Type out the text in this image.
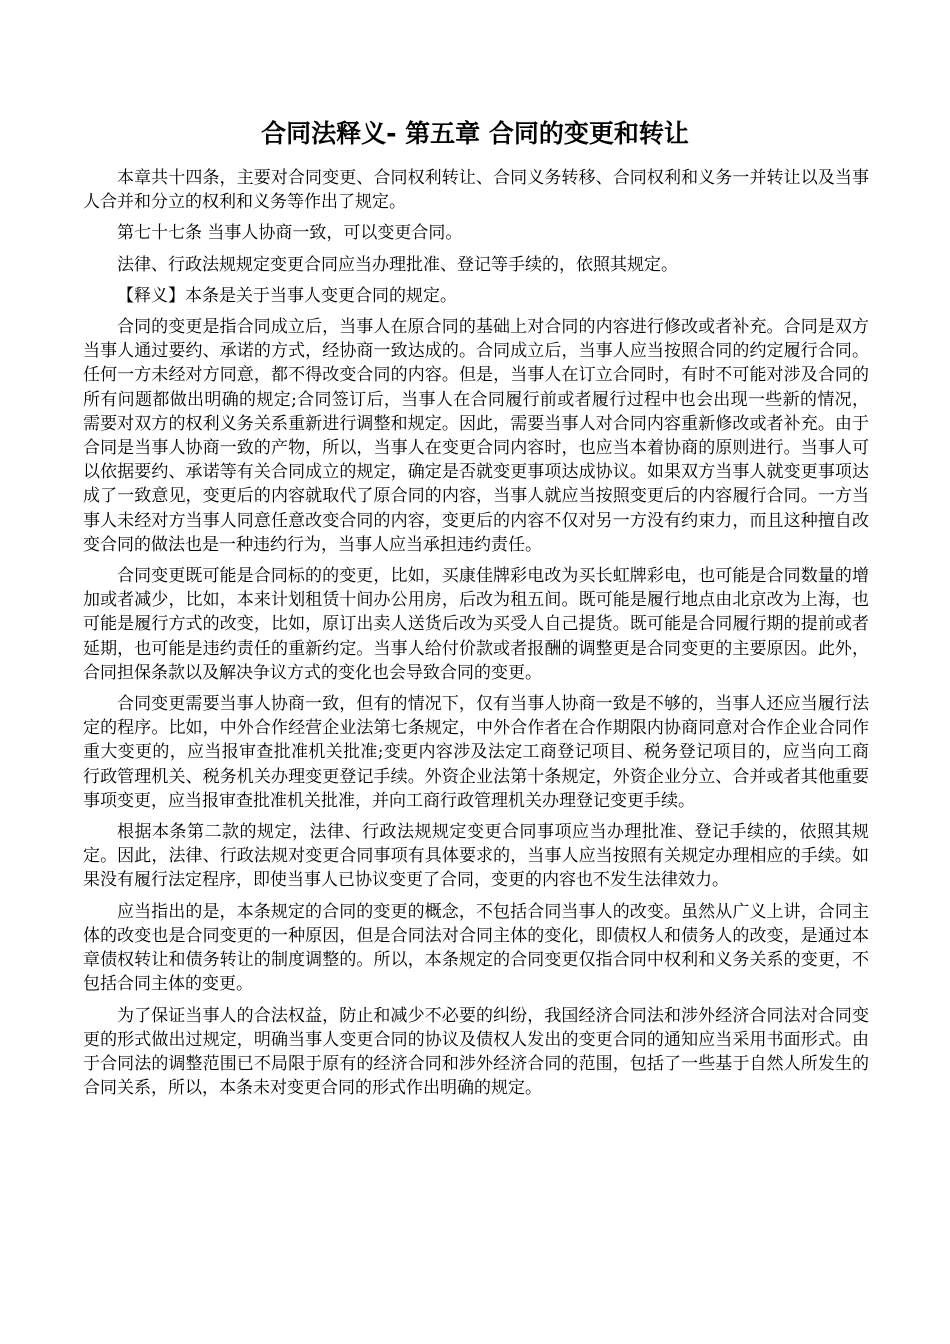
合同法释义- 第五章 合同的变更和转让

本章共十四条，主要对合同变更、合同权利转让、合同义务转移、合同权利和义务一并转让以及当事人合并和分立的权利和义务等作出了规定。

第七十七条 当事人协商一致，可以变更合同。

法律、行政法规规定变更合同应当办理批准、登记等手续的，依照其规定。

【释义】本条是关于当事人变更合同的规定。

合同的变更是指合同成立后，当事人在原合同的基础上对合同的内容进行修改或者补充。合同是双方当事人通过要约、承诺的方式，经协商一致达成的。合同成立后，当事人应当按照合同的约定履行合同。任何一方未经对方同意，都不得改变合同的内容。但是，当事人在订立合同时，有时不可能对涉及合同的所有问题都做出明确的规定;合同签订后，当事人在合同履行前或者履行过程中也会出现一些新的情况，需要对双方的权利义务关系重新进行调整和规定。因此，需要当事人对合同内容重新修改或者补充。由于合同是当事人协商一致的产物，所以，当事人在变更合同内容时，也应当本着协商的原则进行。当事人可以依据要约、承诺等有关合同成立的规定，确定是否就变更事项达成协议。如果双方当事人就变更事项达成了一致意见，变更后的内容就取代了原合同的内容，当事人就应当按照变更后的内容履行合同。一方当事人未经对方当事人同意任意改变合同的内容，变更后的内容不仅对另一方没有约束力，而且这种擅自改变合同的做法也是一种违约行为，当事人应当承担违约责任。

合同变更既可能是合同标的的变更，比如，买康佳牌彩电改为买长虹牌彩电，也可能是合同数量的增加或者减少，比如，本来计划租赁十间办公用房，后改为租五间。既可能是履行地点由北京改为上海，也可能是履行方式的改变，比如，原订出卖人送货后改为买受人自己提货。既可能是合同履行期的提前或者延期，也可能是违约责任的重新约定。当事人给付价款或者报酬的调整更是合同变更的主要原因。此外，合同担保条款以及解决争议方式的变化也会导致合同的变更。

合同变更需要当事人协商一致，但有的情况下，仅有当事人协商一致是不够的，当事人还应当履行法定的程序。比如，中外合作经营企业法第七条规定，中外合作者在合作期限内协商同意对合作企业合同作重大变更的，应当报审查批准机关批准;变更内容涉及法定工商登记项目、税务登记项目的，应当向工商行政管理机关、税务机关办理变更登记手续。外资企业法第十条规定，外资企业分立、合并或者其他重要事项变更，应当报审查批准机关批准，并向工商行政管理机关办理登记变更手续。

根据本条第二款的规定，法律、行政法规规定变更合同事项应当办理批准、登记手续的，依照其规定。因此，法律、行政法规对变更合同事项有具体要求的，当事人应当按照有关规定办理相应的手续。如果没有履行法定程序，即使当事人已协议变更了合同，变更的内容也不发生法律效力。

应当指出的是，本条规定的合同的变更的概念，不包括合同当事人的改变。虽然从广义上讲，合同主体的改变也是合同变更的一种原因，但是合同法对合同主体的变化，即债权人和债务人的改变，是通过本章债权转让和债务转让的制度调整的。所以，本条规定的合同变更仅指合同中权利和义务关系的变更，不包括合同主体的变更。

为了保证当事人的合法权益，防止和减少不必要的纠纷，我国经济合同法和涉外经济合同法对合同变更的形式做出过规定，明确当事人变更合同的协议及债权人发出的变更合同的通知应当采用书面形式。由于合同法的调整范围已不局限于原有的经济合同和涉外经济合同的范围，包括了一些基于自然人所发生的合同关系，所以，本条未对变更合同的形式作出明确的规定。
